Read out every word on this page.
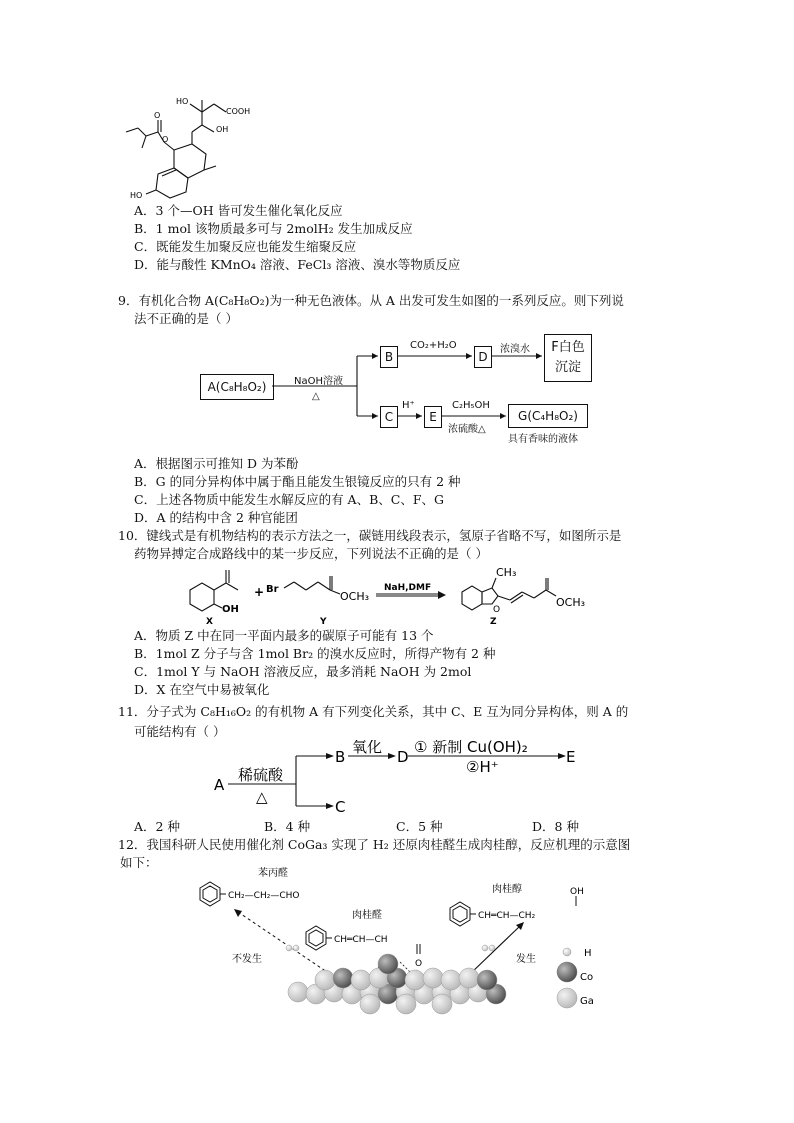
HO
COOH
OH
O
O
HO
A．3 个—OH 皆可发生催化氧化反应
B．1 mol 该物质最多可与 2molH₂ 发生加成反应
C．既能发生加聚反应也能发生缩聚反应
D．能与酸性 KMnO₄ 溶液、FeCl₃ 溶液、溴水等物质反应
9．有机化合物 A(C₈H₈O₂)为一种无色液体。从 A 出发可发生如图的一系列反应。则下列说
法不正确的是（ ）
A(C₈H₈O₂)	NaOH溶液
△
B
CO₂+H₂O
D
浓溴水	F白色
沉淀
C
H⁺
E
C₂H₅OH
浓硫酸△
G(C₄H₈O₂)
具有香味的液体
A．根据图示可推知 D 为苯酚
B．G 的同分异构体中属于酯且能发生银镜反应的只有 2 种
C．上述各物质中能发生水解反应的有 A、B、C、F、G
D．A 的结构中含 2 种官能团
10．键线式是有机物结构的表示方法之一，碳链用线段表示，氢原子省略不写，如图所示是
药物异搏定合成路线中的某一步反应，下列说法不正确的是（ ）
OH
X
+ Br
OCH₃
Y
NaH,DMF
CH₃
O
OCH₃
Z
A．物质 Z 中在同一平面内最多的碳原子可能有 13 个
B．1mol Z 分子与含 1mol Br₂ 的溴水反应时，所得产物有 2 种
C．1mol Y 与 NaOH 溶液反应，最多消耗 NaOH 为 2mol
D．X 在空气中易被氧化
11．分子式为 C₈H₁₆O₂ 的有机物 A 有下列变化关系，其中 C、E 互为同分异构体，则 A 的
可能结构有（ ）
A
稀硫酸
△
B
氧化
D
① 新制 Cu(OH)₂
②H⁺
E
C
A．2 种	B．4 种	C．5 种	D．8 种
12．我国科研人民使用催化剂 CoGa₃ 实现了 H₂ 还原肉桂醛生成肉桂醇，反应机理的示意图
如下：
苯丙醛
CH₂—CH₂—CHO
肉桂醛
CH═CH—CH
O
肉桂醇
CH═CH—CH₂
OH
不发生	发生
H
Co
Ga
